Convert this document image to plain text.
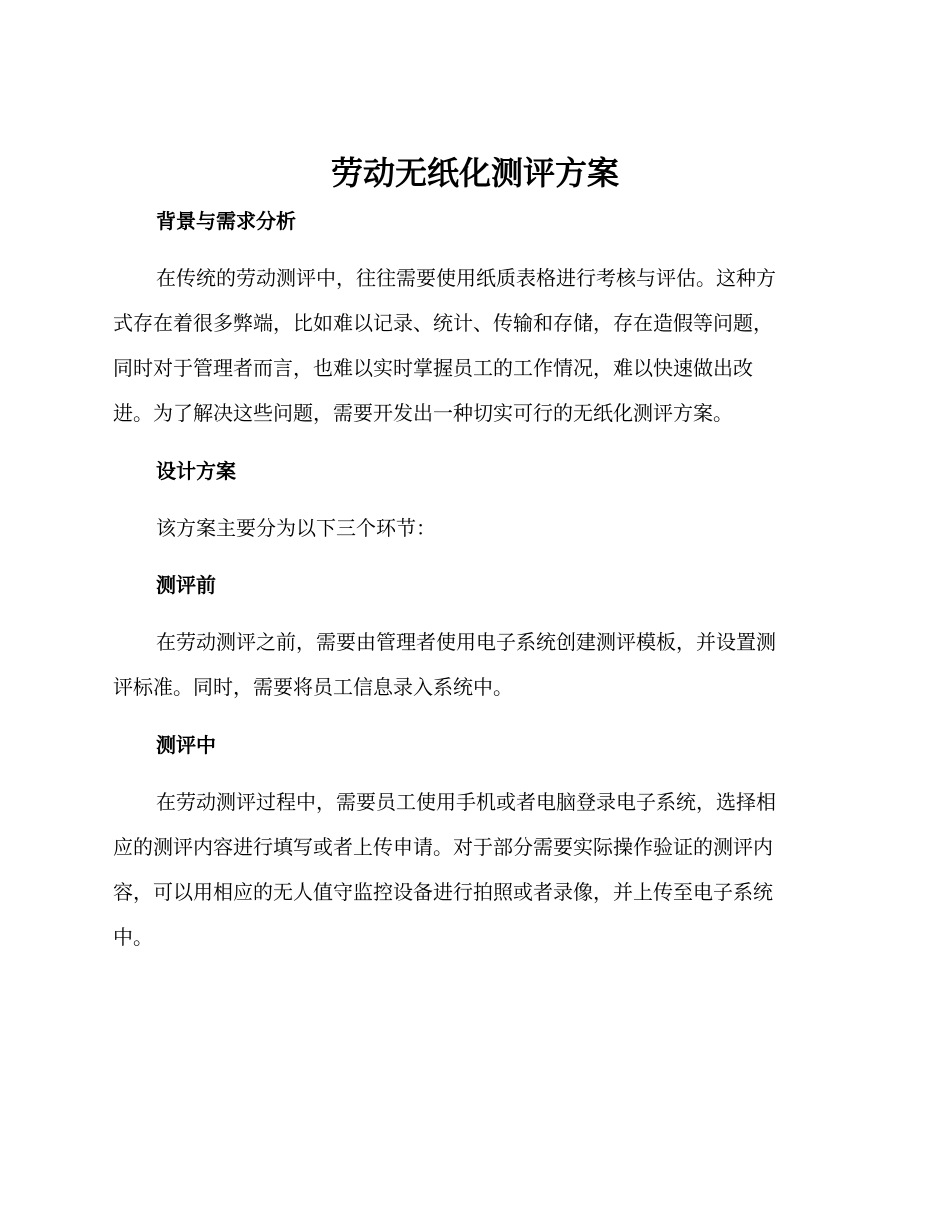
劳动无纸化测评方案
背景与需求分析
在传统的劳动测评中，往往需要使用纸质表格进行考核与评估。这种方
式存在着很多弊端，比如难以记录、统计、传输和存储，存在造假等问题，
同时对于管理者而言，也难以实时掌握员工的工作情况，难以快速做出改
进。为了解决这些问题，需要开发出一种切实可行的无纸化测评方案。
设计方案
该方案主要分为以下三个环节：
测评前
在劳动测评之前，需要由管理者使用电子系统创建测评模板，并设置测
评标准。同时，需要将员工信息录入系统中。
测评中
在劳动测评过程中，需要员工使用手机或者电脑登录电子系统，选择相
应的测评内容进行填写或者上传申请。对于部分需要实际操作验证的测评内
容，可以用相应的无人值守监控设备进行拍照或者录像，并上传至电子系统
中。
